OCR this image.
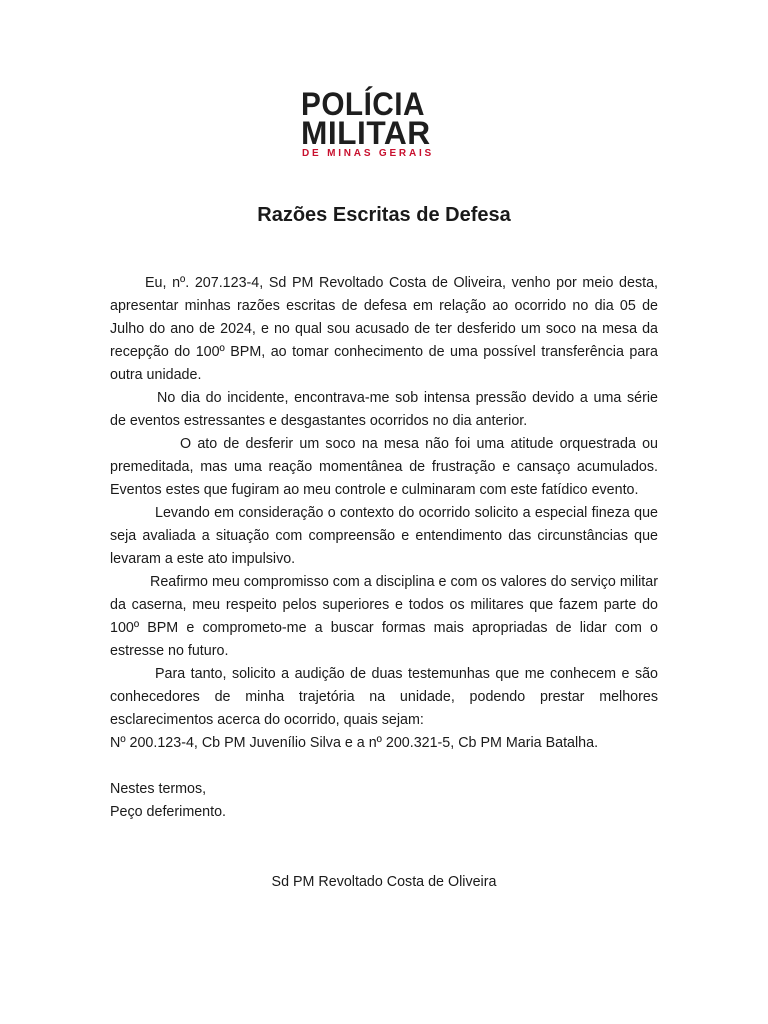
POLÍCIA
MILITAR
DE MINAS GERAIS
Razões Escritas de Defesa

Eu, nº. 207.123-4, Sd PM Revoltado Costa de Oliveira, venho por meio desta, apresentar minhas razões escritas de defesa em relação ao ocorrido no dia 05 de Julho do ano de 2024, e no qual sou acusado de ter desferido um soco na mesa da recepção do 100º BPM, ao tomar conhecimento de uma possível transferência para outra unidade.

No dia do incidente, encontrava-me sob intensa pressão devido a uma série de eventos estressantes e desgastantes ocorridos no dia anterior.

O ato de desferir um soco na mesa não foi uma atitude orquestrada ou premeditada, mas uma reação momentânea de frustração e cansaço acumulados. Eventos estes que fugiram ao meu controle e culminaram com este fatídico evento.

Levando em consideração o contexto do ocorrido solicito a especial fineza que seja avaliada a situação com compreensão e entendimento das circunstâncias que levaram a este ato impulsivo.

Reafirmo meu compromisso com a disciplina e com os valores do serviço militar da caserna, meu respeito pelos superiores e todos os militares que fazem parte do 100º BPM e comprometo-me a buscar formas mais apropriadas de lidar com o estresse no futuro.

Para tanto, solicito a audição de duas testemunhas que me conhecem e são conhecedores de minha trajetória na unidade, podendo prestar melhores esclarecimentos acerca do ocorrido, quais sejam:

Nº 200.123-4, Cb PM Juvenílio Silva e a nº 200.321-5, Cb PM Maria Batalha.

Nestes termos,
Peço deferimento.
Sd PM Revoltado Costa de Oliveira
